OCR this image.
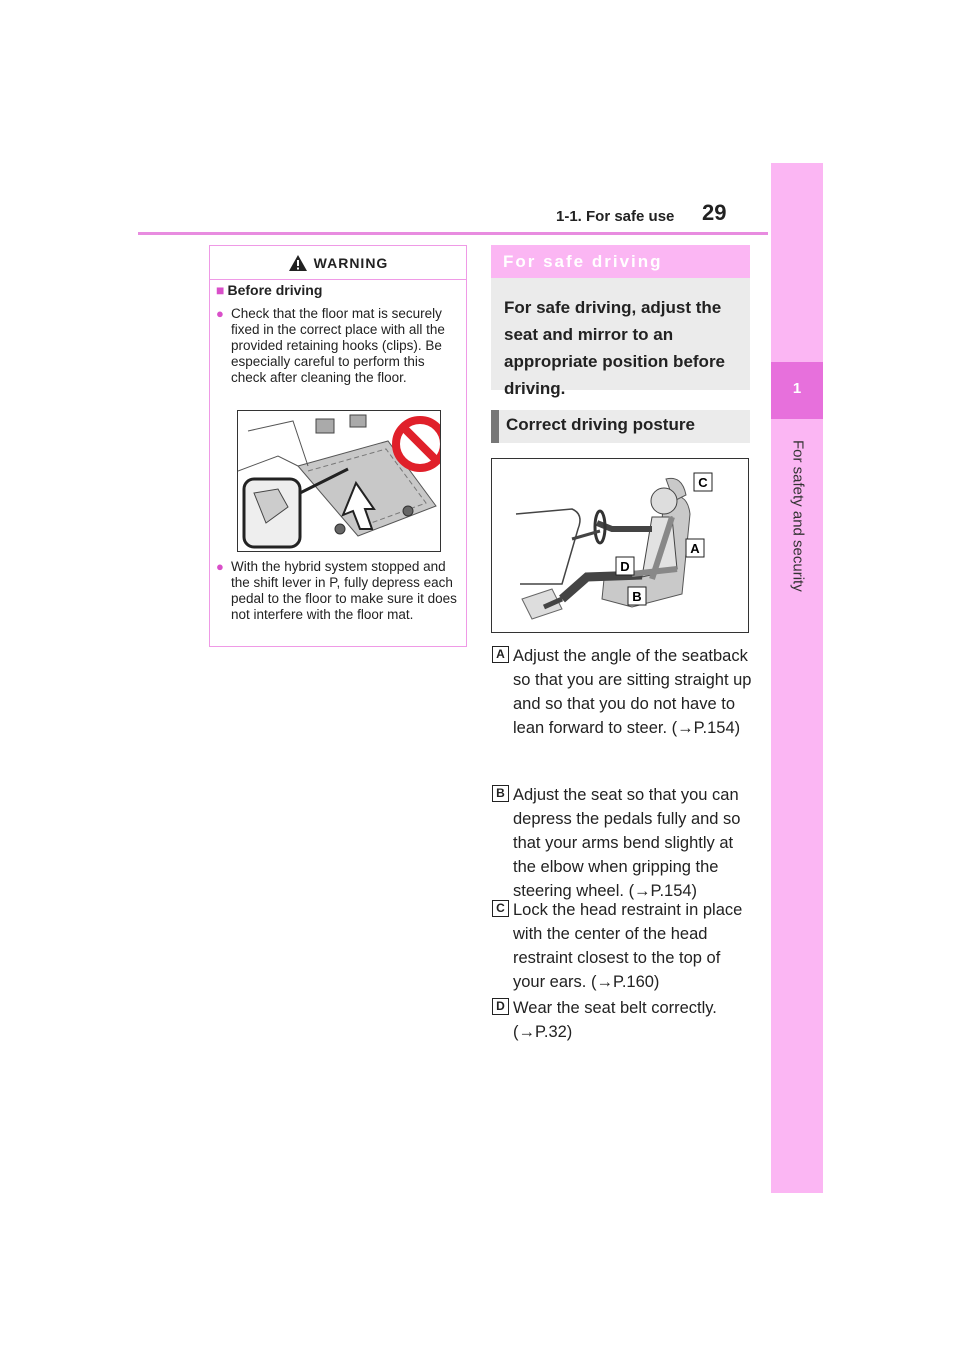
1-1. For safe use 29
1
For safety and security
WARNING
■ Before driving
● Check that the floor mat is securely fixed in the correct place with all the provided retaining hooks (clips). Be especially careful to perform this check after cleaning the floor.
● With the hybrid system stopped and the shift lever in P, fully depress each pedal to the floor to make sure it does not interfere with the floor mat.
For safe driving
For safe driving, adjust the seat and mirror to an appropriate position before driving.
Correct driving posture
C
A
D
B
A Adjust the angle of the seatback so that you are sitting straight up and so that you do not have to lean forward to steer. (→P.154)
B Adjust the seat so that you can depress the pedals fully and so that your arms bend slightly at the elbow when gripping the steering wheel. (→P.154)
C Lock the head restraint in place with the center of the head restraint closest to the top of your ears. (→P.160)
D Wear the seat belt correctly. (→P.32)
